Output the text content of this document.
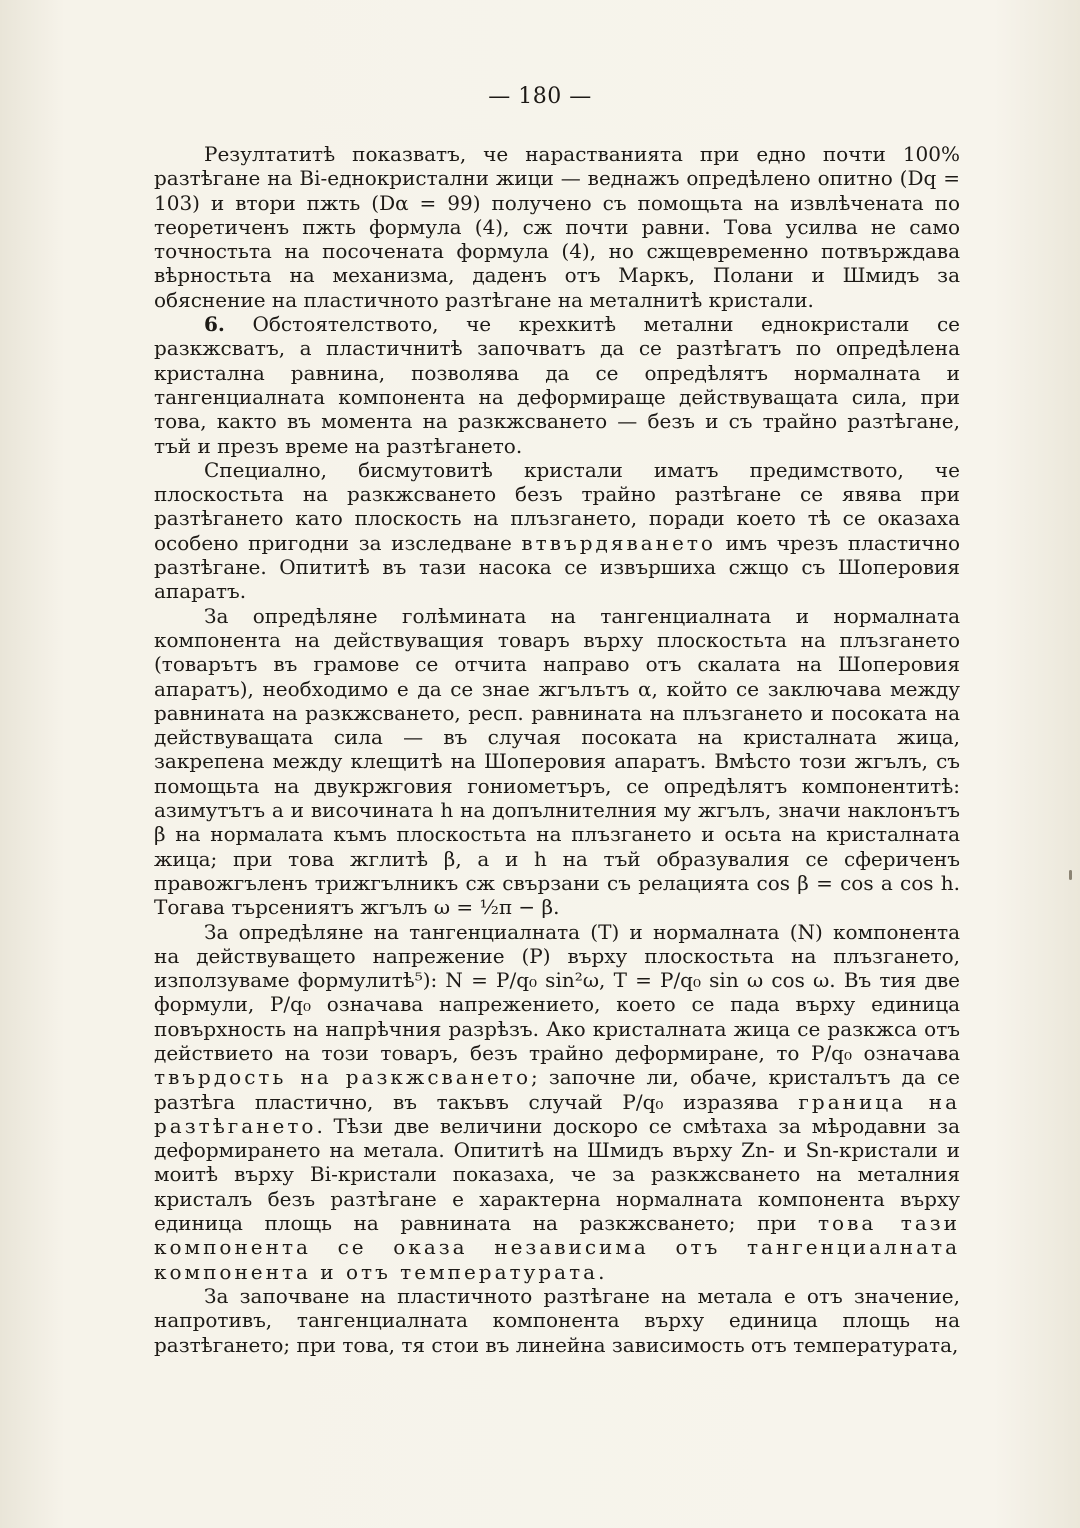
— 180 —

Резултатитѣ показватъ, че нарастванията при едно почти 100% разтѣгане на Bi-еднокристални жици — веднажъ опредѣлено опитно (Dq = 103) и втори пжть (Dα = 99) получено съ помощьта на извлѣчената по теоретиченъ пжть формула (4), сж почти равни. Това усилва не само точностьта на посочената формула (4), но сжщевременно потвърждава вѣрностьта на механизма, даденъ отъ Маркъ, Полани и Шмидъ за обяснение на пластичното разтѣгане на металнитѣ кристали.

6. Обстоятелството, че крехкитѣ метални еднокристали се разкжсватъ, а пластичнитѣ започватъ да се разтѣгатъ по опредѣлена кристална равнина, позволява да се опредѣлятъ нормалната и тангенциалната компонента на деформираще действуващата сила, при това, както въ момента на разкжсването — безъ и съ трайно разтѣгане, тъй и презъ време на разтѣгането.

Специално, бисмутовитѣ кристали иматъ предимството, че плоскостьта на разкжсването безъ трайно разтѣгане се явява при разтѣгането като плоскость на плъзгането, поради което тѣ се оказаха особено пригодни за изследване втвърдяването имъ чрезъ пластично разтѣгане. Опититѣ въ тази насока се извършиха сжщо съ Шоперовия апаратъ.

За опредѣляне голѣмината на тангенциалната и нормалната компонента на действуващия товаръ върху плоскостьта на плъзгането (товарътъ въ грамове се отчита направо отъ скалата на Шоперовия апаратъ), необходимо е да се знае жгълътъ α, който се заключава между равнината на разкжсването, респ. равнината на плъзгането и посоката на действуващата сила — въ случая посоката на кристалната жица, закрепена между клещитѣ на Шоперовия апаратъ. Вмѣсто този жгълъ, съ помощьта на двукржговия гониометъръ, се опредѣлятъ компонентитѣ: азимутътъ a и височината h на допълнителния му жгълъ, значи наклонътъ β на нормалата къмъ плоскостьта на плъзгането и осьта на кристалната жица; при това жглитѣ β, a и h на тъй образувалия се сфериченъ правожгъленъ трижгълникъ сж свързани съ релацията cos β = cos a cos h. Тогава търсениятъ жгълъ ω = ½π − β.

За опредѣляне на тангенциалната (T) и нормалната (N) компонента на действуващето напрежение (P) върху плоскостьта на плъзгането, използуваме формулитѣ⁵): N = P/q₀ sin²ω, T = P/q₀ sin ω cos ω. Въ тия две формули, P/q₀ означава напрежението, което се пада върху единица повърхность на напрѣчния разрѣзъ. Ако кристалната жица се разкжса отъ действието на този товаръ, безъ трайно деформиране, то P/q₀ означава твърдость на разкжсването; започне ли, обаче, кристалътъ да се разтѣга пластично, въ такъвъ случай P/q₀ изразява граница на разтѣгането. Тѣзи две величини доскоро се смѣтаха за мѣродавни за деформирането на метала. Опититѣ на Шмидъ върху Zn- и Sn-кристали и моитѣ върху Bi-кристали показаха, че за разкжсването на металния кристалъ безъ разтѣгане е характерна нормалната компонента върху единица площь на равнината на разкжсването; при това тази компонента се оказа независима отъ тангенциалната компонента и отъ температурата.

За започване на пластичното разтѣгане на метала е отъ значение, напротивъ, тангенциалната компонента върху единица площь на разтѣгането; при това, тя стои въ линейна зависимость отъ температурата,
